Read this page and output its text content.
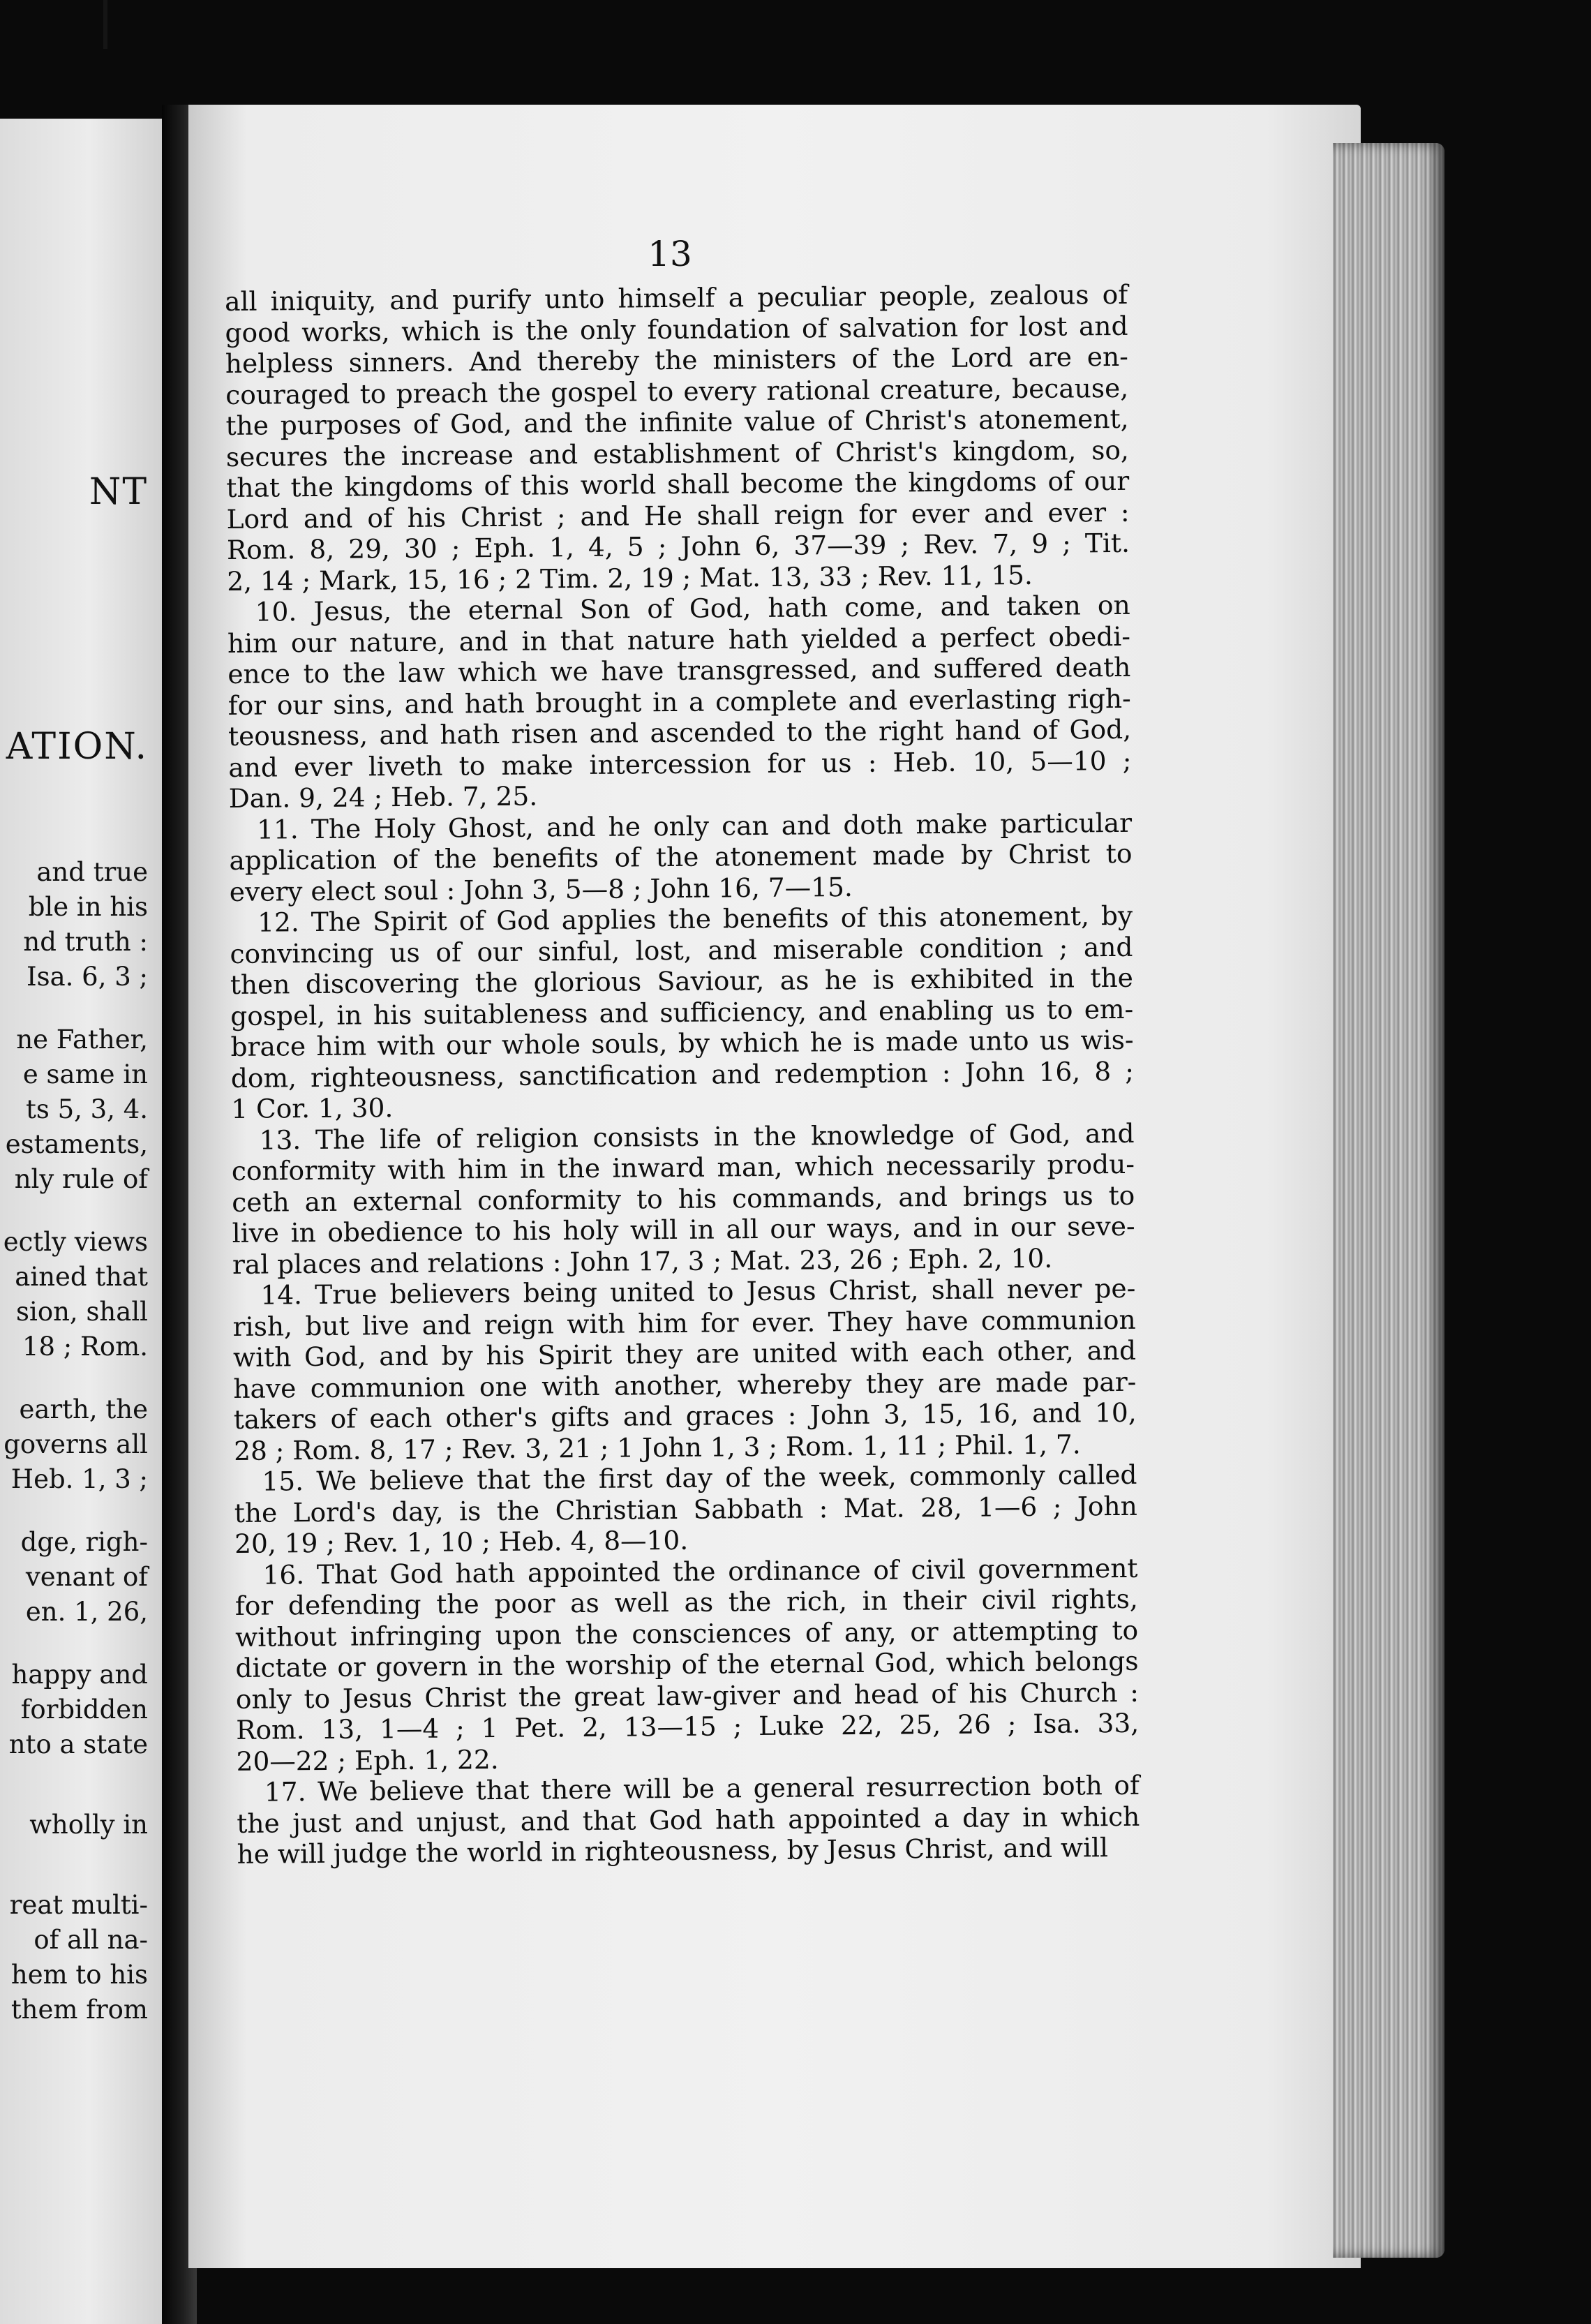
NT
ATION.
and true
ble in his
nd truth :
Isa. 6, 3 ;
ne Father,
e same in
ts 5, 3, 4.
estaments,
nly rule of
ectly views
ained that
sion, shall
18 ; Rom.
earth, the
governs all
Heb. 1, 3 ;
dge, righ-
venant of
en. 1, 26,
happy and
forbidden
nto a state
wholly in
reat multi-
of all na-
hem to his
them from
13
all iniquity, and purify unto himself a peculiar people, zealous of
good works, which is the only foundation of salvation for lost and
helpless sinners. And thereby the ministers of the Lord are en-
couraged to preach the gospel to every rational creature, because,
the purposes of God, and the infinite value of Christ's atonement,
secures the increase and establishment of Christ's kingdom, so,
that the kingdoms of this world shall become the kingdoms of our
Lord and of his Christ ; and He shall reign for ever and ever :
Rom. 8, 29, 30 ; Eph. 1, 4, 5 ; John 6, 37—39 ; Rev. 7, 9 ; Tit.
2, 14 ; Mark, 15, 16 ; 2 Tim. 2, 19 ; Mat. 13, 33 ; Rev. 11, 15.
10. Jesus, the eternal Son of God, hath come, and taken on
him our nature, and in that nature hath yielded a perfect obedi-
ence to the law which we have transgressed, and suffered death
for our sins, and hath brought in a complete and everlasting righ-
teousness, and hath risen and ascended to the right hand of God,
and ever liveth to make intercession for us : Heb. 10, 5—10 ;
Dan. 9, 24 ; Heb. 7, 25.
11. The Holy Ghost, and he only can and doth make particular
application of the benefits of the atonement made by Christ to
every elect soul : John 3, 5—8 ; John 16, 7—15.
12. The Spirit of God applies the benefits of this atonement, by
convincing us of our sinful, lost, and miserable condition ; and
then discovering the glorious Saviour, as he is exhibited in the
gospel, in his suitableness and sufficiency, and enabling us to em-
brace him with our whole souls, by which he is made unto us wis-
dom, righteousness, sanctification and redemption : John 16, 8 ;
1 Cor. 1, 30.
13. The life of religion consists in the knowledge of God, and
conformity with him in the inward man, which necessarily produ-
ceth an external conformity to his commands, and brings us to
live in obedience to his holy will in all our ways, and in our seve-
ral places and relations : John 17, 3 ; Mat. 23, 26 ; Eph. 2, 10.
14. True believers being united to Jesus Christ, shall never pe-
rish, but live and reign with him for ever. They have communion
with God, and by his Spirit they are united with each other, and
have communion one with another, whereby they are made par-
takers of each other's gifts and graces : John 3, 15, 16, and 10,
28 ; Rom. 8, 17 ; Rev. 3, 21 ; 1 John 1, 3 ; Rom. 1, 11 ; Phil. 1, 7.
15. We believe that the first day of the week, commonly called
the Lord's day, is the Christian Sabbath : Mat. 28, 1—6 ; John
20, 19 ; Rev. 1, 10 ; Heb. 4, 8—10.
16. That God hath appointed the ordinance of civil government
for defending the poor as well as the rich, in their civil rights,
without infringing upon the consciences of any, or attempting to
dictate or govern in the worship of the eternal God, which belongs
only to Jesus Christ the great law-giver and head of his Church :
Rom. 13, 1—4 ; 1 Pet. 2, 13—15 ; Luke 22, 25, 26 ; Isa. 33,
20—22 ; Eph. 1, 22.
17. We believe that there will be a general resurrection both of
the just and unjust, and that God hath appointed a day in which
he will judge the world in righteousness, by Jesus Christ, and will
